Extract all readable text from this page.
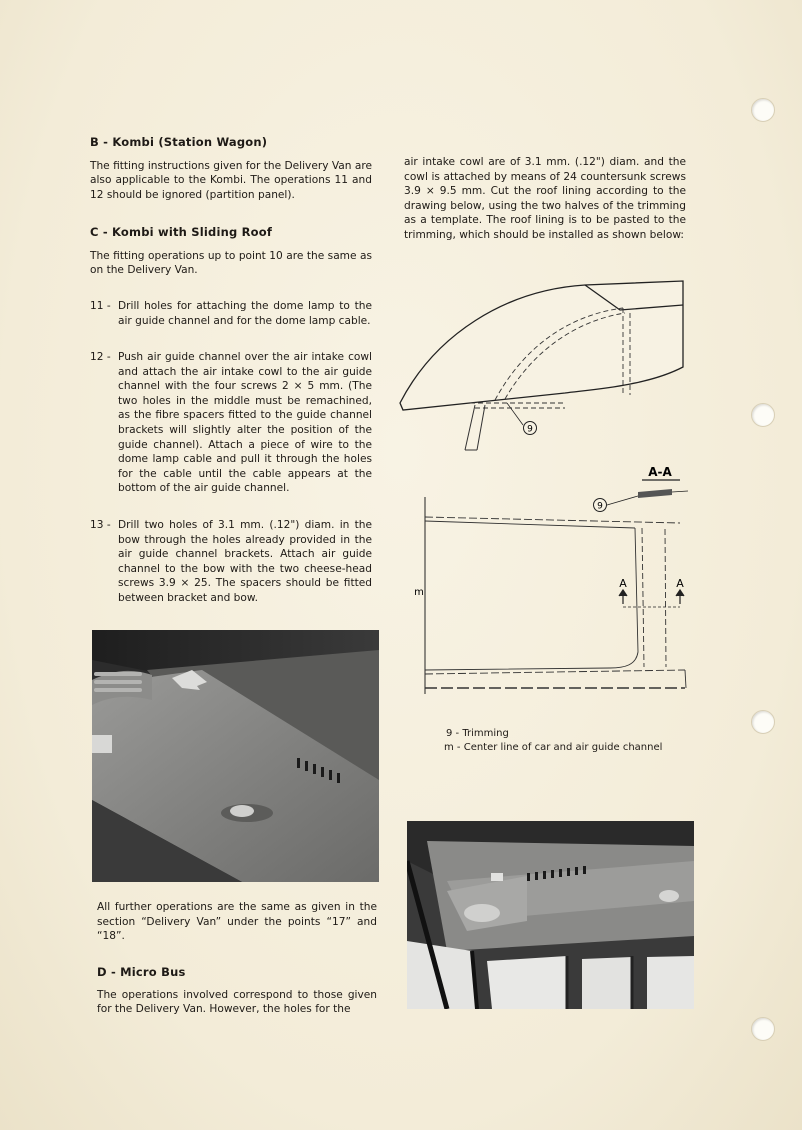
B - Kombi (Station Wagon)

The fitting instructions given for the Delivery Van are also applicable to the Kombi. The operations 11 and 12 should be ignored (partition panel).

C - Kombi with Sliding Roof

The fitting operations up to point 10 are the same as on the Delivery Van.

11 - Drill holes for attaching the dome lamp to the air guide channel and for the dome lamp cable.

12 - Push air guide channel over the air intake cowl and attach the air intake cowl to the air guide channel with the four screws 2 × 5 mm. (The two holes in the middle must be remachined, as the fibre spacers fitted to the guide channel brackets will slightly alter the position of the guide channel). Attach a piece of wire to the dome lamp cable and pull it through the holes for the cable until the cable appears at the bottom of the air guide channel.

13 - Drill two holes of 3.1 mm. (.12") diam. in the bow through the holes already provided in the air guide channel brackets. Attach air guide channel to the bow with the two cheese-head screws 3.9 × 25. The spacers should be fitted between bracket and bow.

All further operations are the same as given in the section “Delivery Van” under the points “17” and “18”.

D - Micro Bus

The operations involved correspond to those given for the Delivery Van. However, the holes for the

air intake cowl are of 3.1 mm. (.12") diam. and the cowl is attached by means of 24 countersunk screws 3.9 × 9.5 mm. Cut the roof lining according to the drawing below, using the two halves of the trimming as a template. The roof lining is to be pasted to the trimming, which should be installed as shown below:

9
A-A
9
m
A	A
9 - Trimming
m - Center line of car and air guide channel
